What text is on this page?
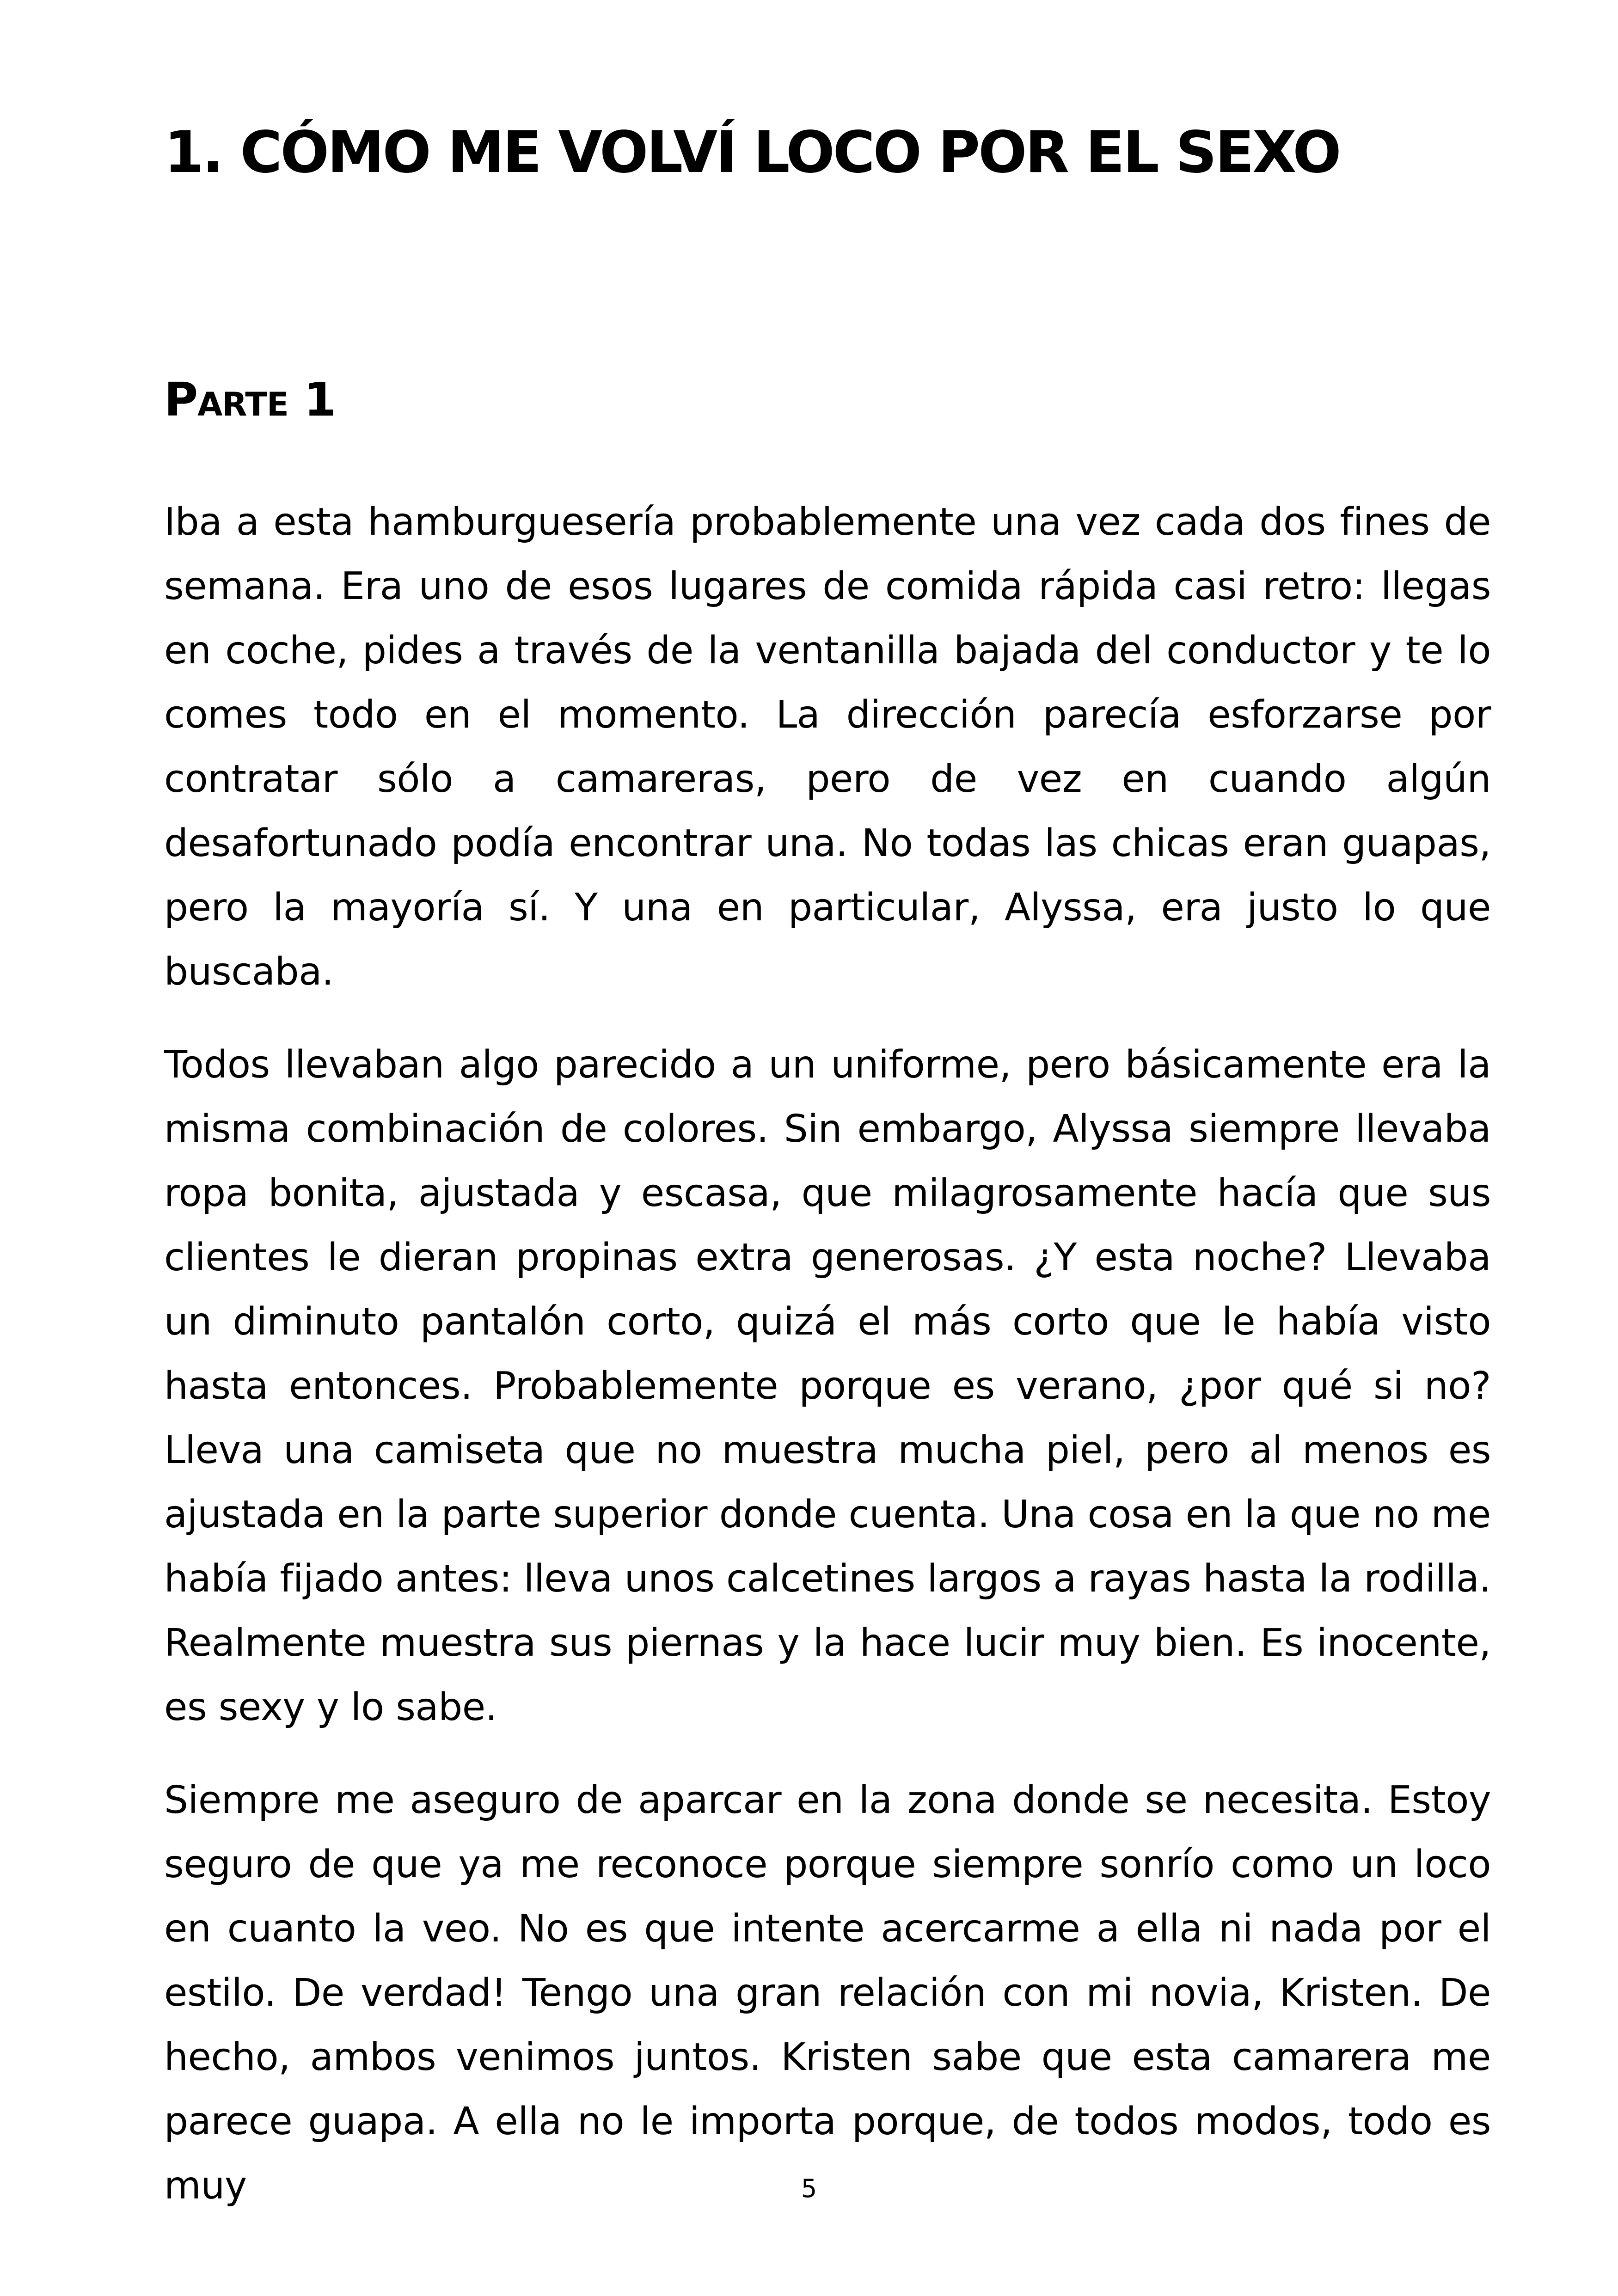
1. CÓMO ME VOLVÍ LOCO POR EL SEXO
Parte 1

Iba a esta hamburguesería probablemente una vez cada dos fines de semana. Era uno de esos lugares de comida rápida casi retro: llegas en coche, pides a través de la ventanilla bajada del conductor y te lo comes todo en el momento. La dirección parecía esforzarse por contratar sólo a camareras, pero de vez en cuando algún desafortunado podía encontrar una. No todas las chicas eran guapas, pero la mayoría sí. Y una en particular, Alyssa, era justo lo que buscaba.

Todos llevaban algo parecido a un uniforme, pero básicamente era la misma combinación de colores. Sin embargo, Alyssa siempre llevaba ropa bonita, ajustada y escasa, que milagrosamente hacía que sus clientes le dieran propinas extra generosas. ¿Y esta noche? Llevaba un diminuto pantalón corto, quizá el más corto que le había visto hasta entonces. Probablemente porque es verano, ¿por qué si no? Lleva una camiseta que no muestra mucha piel, pero al menos es ajustada en la parte superior donde cuenta. Una cosa en la que no me había fijado antes: lleva unos calcetines largos a rayas hasta la rodilla. Realmente muestra sus piernas y la hace lucir muy bien. Es inocente, es sexy y lo sabe.

Siempre me aseguro de aparcar en la zona donde se necesita. Estoy seguro de que ya me reconoce porque siempre sonrío como un loco en cuanto la veo. No es que intente acercarme a ella ni nada por el estilo. De verdad! Tengo una gran relación con mi novia, Kristen. De hecho, ambos venimos juntos. Kristen sabe que esta camarera me parece guapa. A ella no le importa porque, de todos modos, todo es muy	5
